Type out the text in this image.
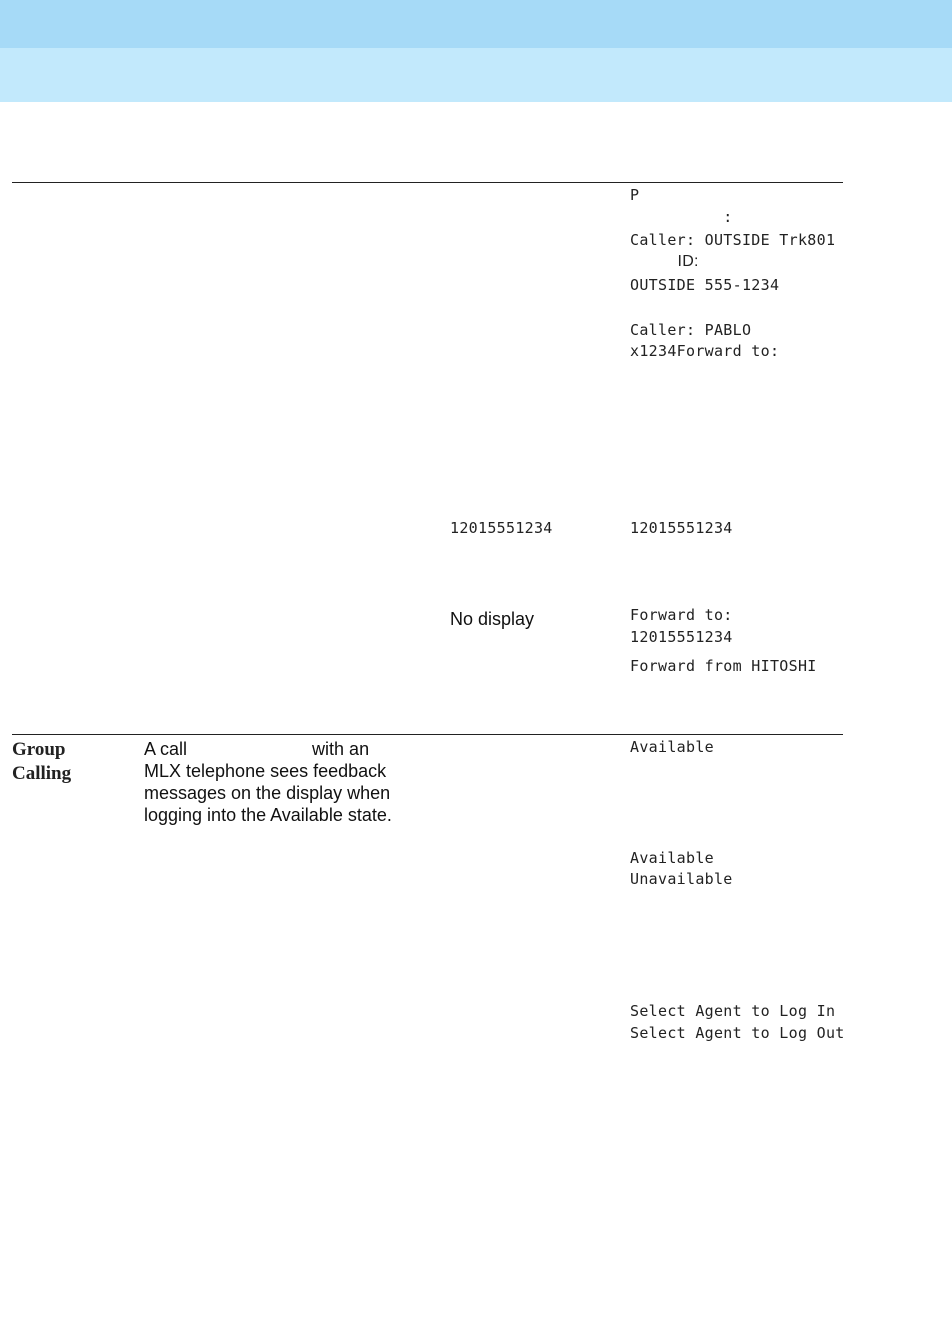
P
:
Caller: OUTSIDE Trk801
ID:
OUTSIDE 555-1234
Caller: PABLO
x1234Forward to:
12015551234	12015551234
No display	Forward to:
12015551234
Forward from HITOSHI
Group
Calling
A call                         with an
MLX telephone sees feedback
messages on the display when
logging into the Available state.
Available
Available
Unavailable
Select Agent to Log In
Select Agent to Log Out
